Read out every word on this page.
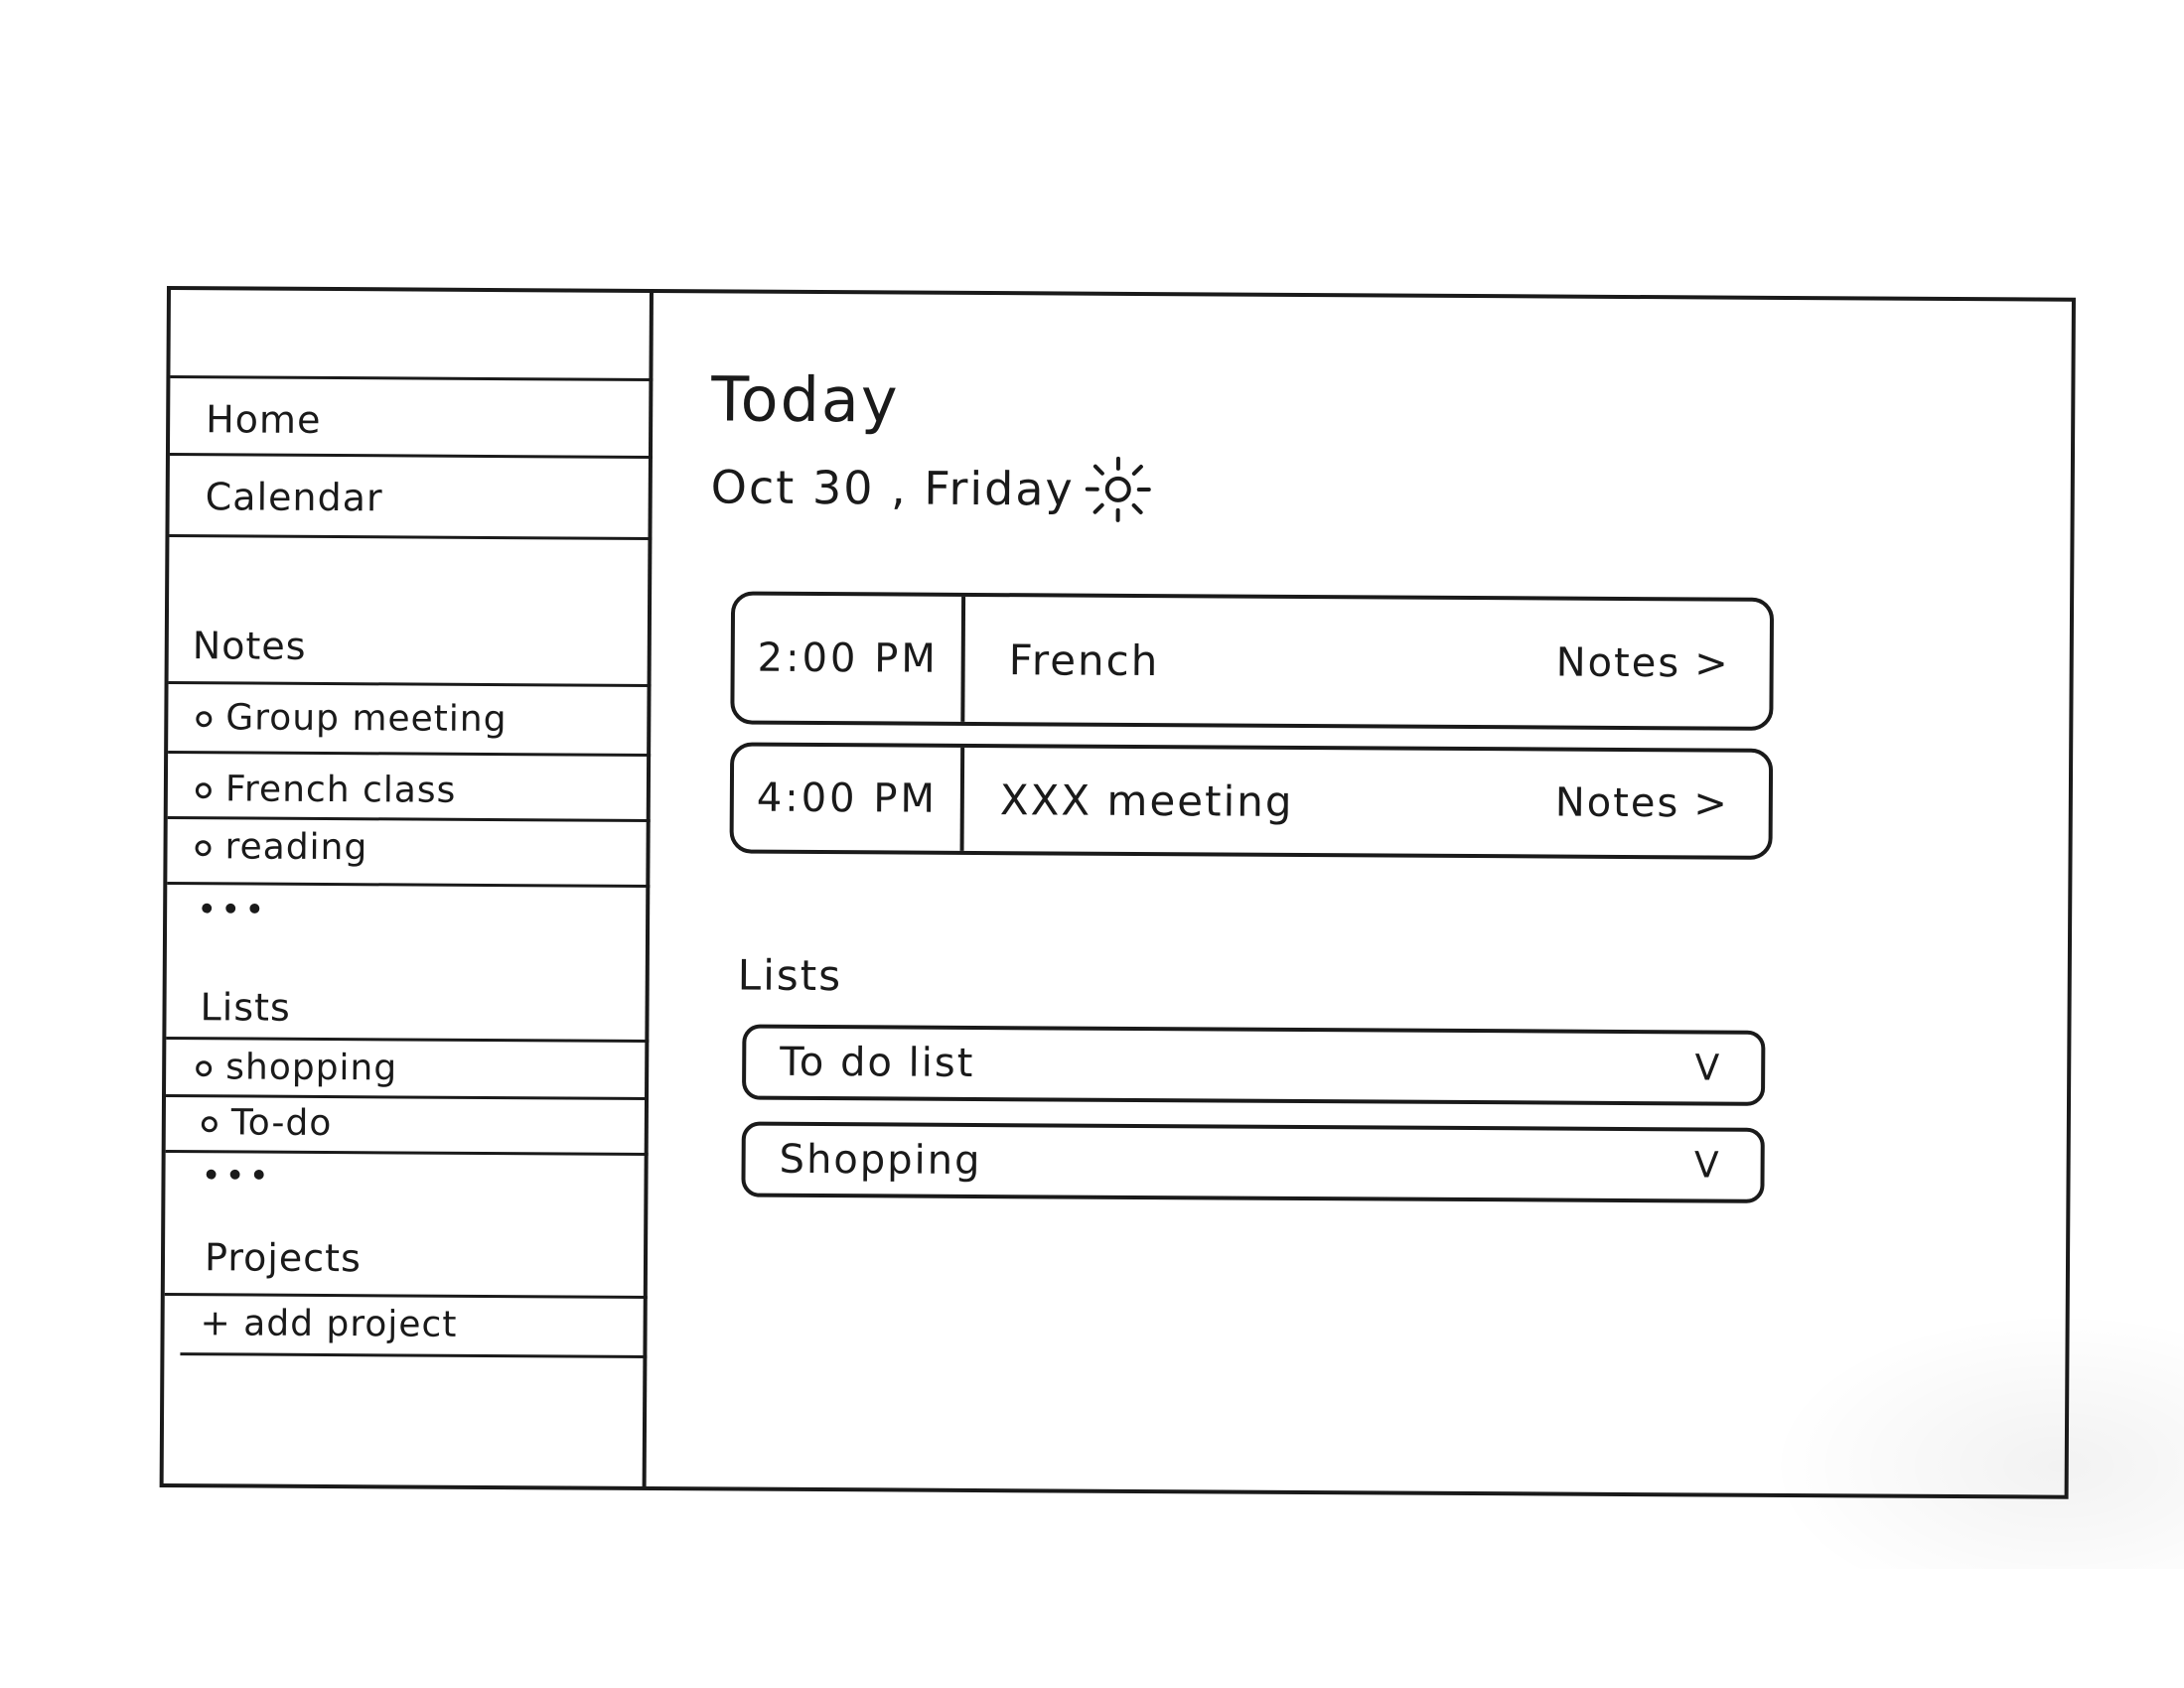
Home
Calendar
Notes
Group meeting
French class
reading
•••
Lists
shopping
To-do
•••
Projects
+ add project
Today
Oct 30 , Friday
2:00 PM	French	Notes >
4:00 PM	XXX meeting	Notes >
Lists
To do list	V
Shopping	V
